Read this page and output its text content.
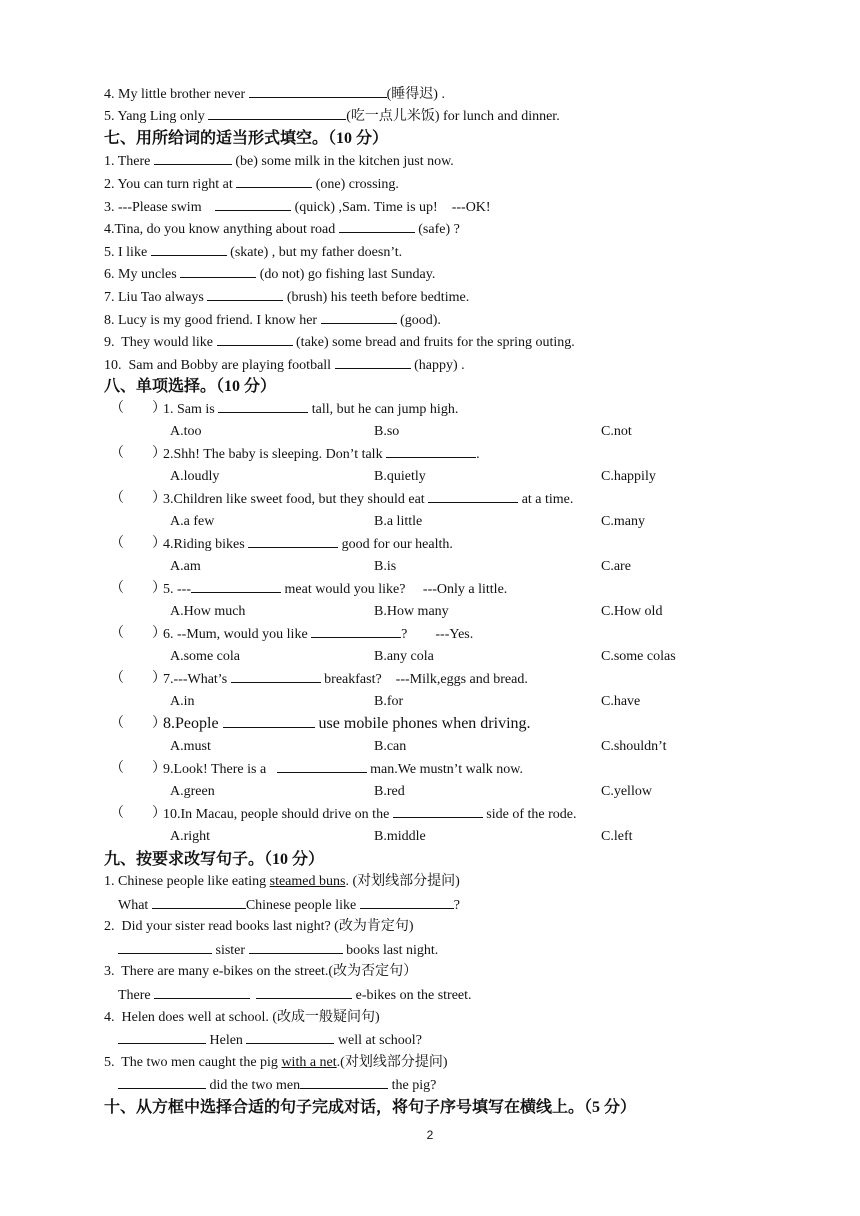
4. My little brother never	(睡得迟) .
5. Yang Ling only	(吃一点儿米饭) for lunch and dinner.
七、用所给词的适当形式填空。（10 分）
1. There	(be) some milk in the kitchen just now.
2. You can turn right at	(one) crossing.
3. ---Please swim	(quick) ,Sam. Time is up!    ---OK!
4.Tina, do you know anything about road	(safe) ?
5. I like	(skate) , but my father doesn’t.
6. My uncles	(do not) go fishing last Sunday.
7. Liu Tao always	(brush) his teeth before bedtime.
8. Lucy is my good friend. I know her	(good).
9.  They would like	(take) some bread and fruits for the spring outing.
10.  Sam and Bobby are playing football	(happy) .
八、单项选择。（10 分）
（        ）
1. Sam is	tall, but he can jump high.
A.too	B.so	C.not
（        ）
2.Shh! The baby is sleeping. Don’t talk	.
A.loudly	B.quietly	C.happily
（        ）
3.Children like sweet food, but they should eat	at a time.
A.a few	B.a little	C.many
（        ）
4.Riding bikes	good for our health.
A.am	B.is	C.are
（        ）
5. ---	meat would you like?     ---Only a little.
A.How much	B.How many	C.How old
（        ）
6. --Mum, would you like	?        ---Yes.
A.some cola	B.any cola	C.some colas
（        ）
7.---What’s	breakfast?    ---Milk,eggs and bread.
A.in	B.for	C.have
（        ）
8.People	use mobile phones when driving.
A.must	B.can	C.shouldn’t
（        ）
9.Look! There is a	man.We mustn’t walk now.
A.green	B.red	C.yellow
（        ）
10.In Macau, people should drive on the	side of the rode.
A.right	B.middle	C.left
九、按要求改写句子。（10 分）
1. Chinese people like eating steamed buns. (对划线部分提问)
What	Chinese people like	?
2.  Did your sister read books last night? (改为肯定句)
sister	books last night.
3.  There are many e-bikes on the street.(改为否定句）
There	e-bikes on the street.
4.  Helen does well at school. (改成一般疑问句)
Helen	well at school?
5.  The two men caught the pig with a net.(对划线部分提问)
did the two men	the pig?
十、从方框中选择合适的句子完成对话，将句子序号填写在横线上。（5 分）
2
